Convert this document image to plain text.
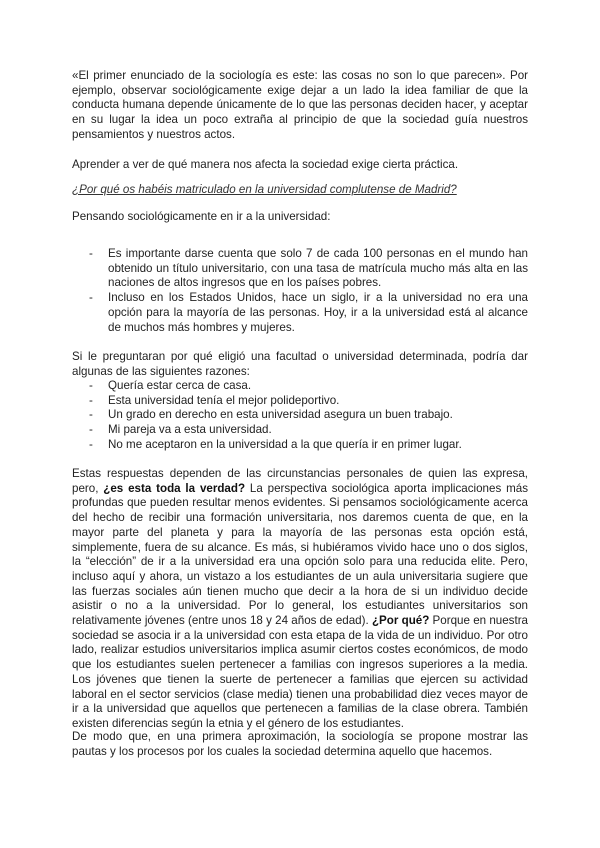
«El primer enunciado de la sociología es este: las cosas no son lo que parecen». Por ejemplo, observar sociológicamente exige dejar a un lado la idea familiar de que la conducta humana depende únicamente de lo que las personas deciden hacer, y aceptar en su lugar la idea un poco extraña al principio de que la sociedad guía nuestros pensamientos y nuestros actos.

Aprender a ver de qué manera nos afecta la sociedad exige cierta práctica.

¿Por qué os habéis matriculado en la universidad complutense de Madrid?

Pensando sociológicamente en ir a la universidad:

- Es importante darse cuenta que solo 7 de cada 100 personas en el mundo han obtenido un título universitario, con una tasa de matrícula mucho más alta en las naciones de altos ingresos que en los países pobres.
- Incluso en los Estados Unidos, hace un siglo, ir a la universidad no era una opción para la mayoría de las personas. Hoy, ir a la universidad está al alcance de muchos más hombres y mujeres.

Si le preguntaran por qué eligió una facultad o universidad determinada, podría dar algunas de las siguientes razones:

- Quería estar cerca de casa.
- Esta universidad tenía el mejor polideportivo.
- Un grado en derecho en esta universidad asegura un buen trabajo.
- Mi pareja va a esta universidad.
- No me aceptaron en la universidad a la que quería ir en primer lugar.

Estas respuestas dependen de las circunstancias personales de quien las expresa, pero, ¿es esta toda la verdad? La perspectiva sociológica aporta implicaciones más profundas que pueden resultar menos evidentes. Si pensamos sociológicamente acerca del hecho de recibir una formación universitaria, nos daremos cuenta de que, en la mayor parte del planeta y para la mayoría de las personas esta opción está, simplemente, fuera de su alcance. Es más, si hubiéramos vivido hace uno o dos siglos, la “elección” de ir a la universidad era una opción solo para una reducida elite. Pero, incluso aquí y ahora, un vistazo a los estudiantes de un aula universitaria sugiere que las fuerzas sociales aún tienen mucho que decir a la hora de si un individuo decide asistir o no a la universidad. Por lo general, los estudiantes universitarios son relativamente jóvenes (entre unos 18 y 24 años de edad). ¿Por qué? Porque en nuestra sociedad se asocia ir a la universidad con esta etapa de la vida de un individuo. Por otro lado, realizar estudios universitarios implica asumir ciertos costes económicos, de modo que los estudiantes suelen pertenecer a familias con ingresos superiores a la media. Los jóvenes que tienen la suerte de pertenecer a familias que ejercen su actividad laboral en el sector servicios (clase media) tienen una probabilidad diez veces mayor de ir a la universidad que aquellos que pertenecen a familias de la clase obrera. También existen diferencias según la etnia y el género de los estudiantes.

De modo que, en una primera aproximación, la sociología se propone mostrar las pautas y los procesos por los cuales la sociedad determina aquello que hacemos.
